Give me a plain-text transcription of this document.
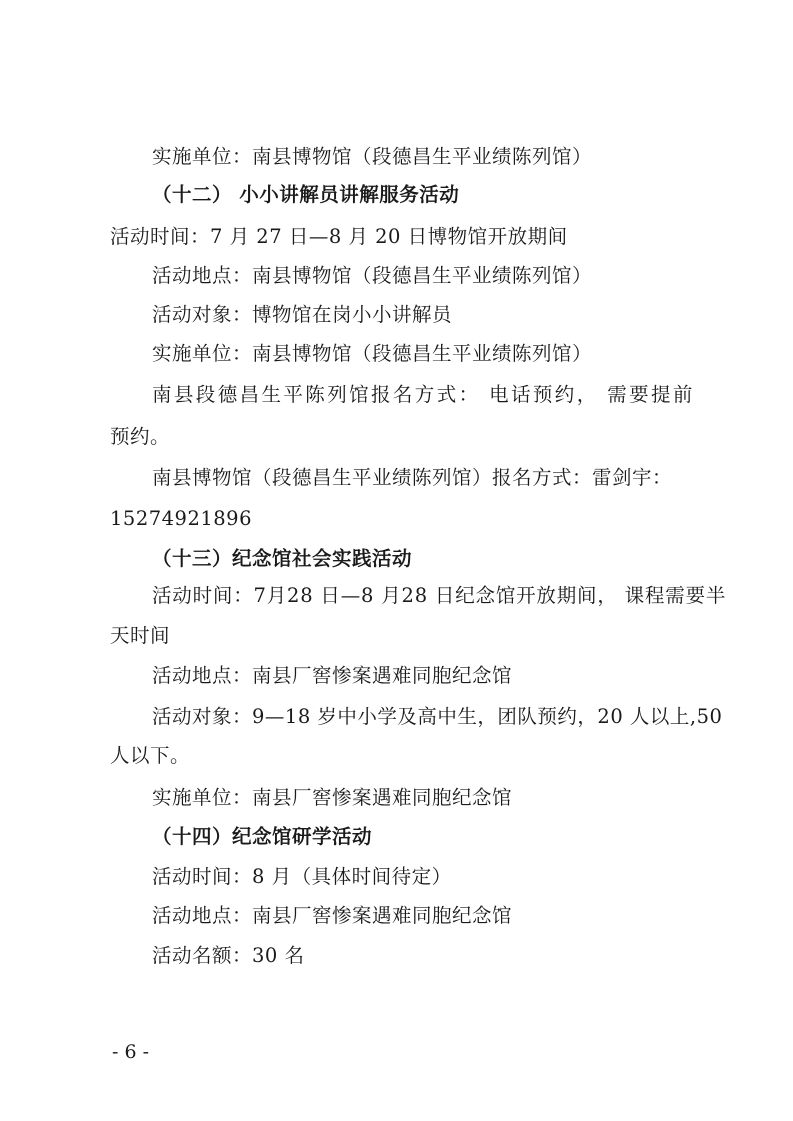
实施单位：南县博物馆（段德昌生平业绩陈列馆）

（十二） 小小讲解员讲解服务活动

活动时间：7 月 27 日—8 月 20 日博物馆开放期间

活动地点：南县博物馆（段德昌生平业绩陈列馆）

活动对象：博物馆在岗小小讲解员

实施单位：南县博物馆（段德昌生平业绩陈列馆）

南县段德昌生平陈列馆报名方式： 电话预约， 需要提前

预约。

南县博物馆（段德昌生平业绩陈列馆）报名方式：雷剑宇：

15274921896

（十三）纪念馆社会实践活动

活动时间：7月28 日—8 月28 日纪念馆开放期间， 课程需要半

天时间

活动地点：南县厂窖惨案遇难同胞纪念馆

活动对象：9—18 岁中小学及高中生，团队预约，20 人以上,50

人以下。

实施单位：南县厂窖惨案遇难同胞纪念馆

（十四）纪念馆研学活动

活动时间：8 月（具体时间待定）

活动地点：南县厂窖惨案遇难同胞纪念馆

活动名额：30 名

- 6 -
